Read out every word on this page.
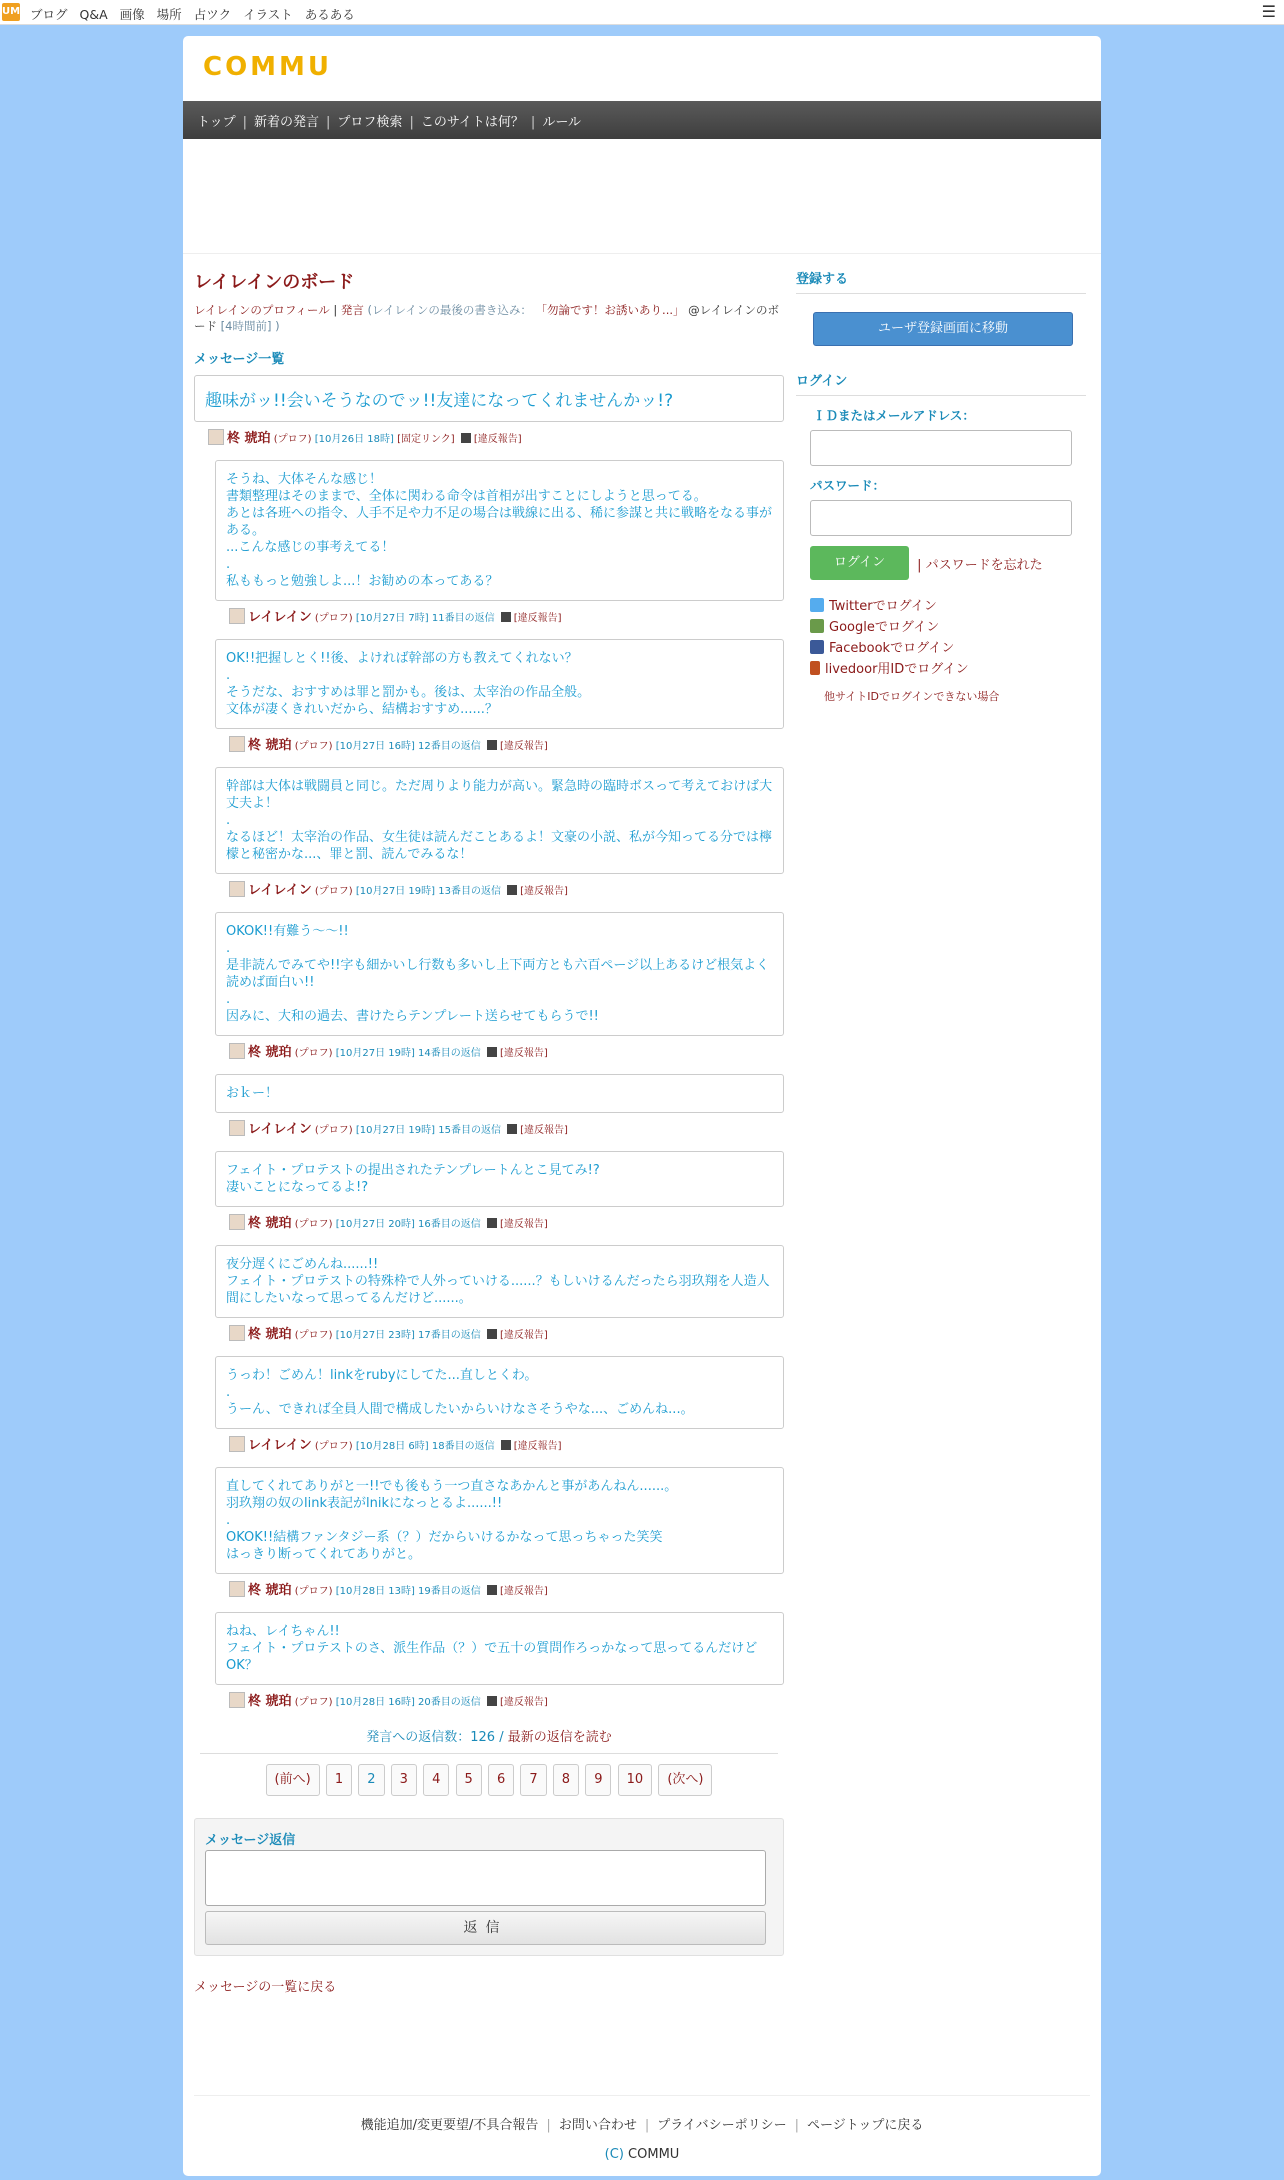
UM ブログ Q&A 画像 場所 占ツク イラスト あるある	☰
COMMU
トップ | 新着の発言 | プロフ検索 | このサイトは何？ | ルール
レイレインのボード
レイレインのプロフィール | 発言 (レイレインの最後の書き込み： 「勿論です！お誘いあり...」 @レイレインのボード [4時間前] )
メッセージ一覧
趣味がッ!!会いそうなのでッ!!友達になってくれませんかッ!?
柊 琥珀 (プロフ) [10月26日 18時] [固定リンク] [違反報告]
そうね、大体そんな感じ！
書類整理はそのままで、全体に関わる命令は首相が出すことにしようと思ってる。
あとは各班への指令、人手不足や力不足の場合は戦線に出る、稀に参謀と共に戦略をなる事がある。
...こんな感じの事考えてる！
.
私ももっと勉強しよ...！お勧めの本ってある？
レイレイン (プロフ) [10月27日 7時] 11番目の返信 [違反報告]
OK!!把握しとく!!後、よければ幹部の方も教えてくれない？
.
そうだな、おすすめは罪と罰かも。後は、太宰治の作品全般。
文体が凄くきれいだから、結構おすすめ......？
柊 琥珀 (プロフ) [10月27日 16時] 12番目の返信 [違反報告]
幹部は大体は戦闘員と同じ。ただ周りより能力が高い。緊急時の臨時ボスって考えておけば大丈夫よ！
.
なるほど！太宰治の作品、女生徒は読んだことあるよ！文豪の小説、私が今知ってる分では檸檬と秘密かな...、罪と罰、読んでみるな！
レイレイン (プロフ) [10月27日 19時] 13番目の返信 [違反報告]
OKOK!!有難う～～!!
.
是非読んでみてや!!字も細かいし行数も多いし上下両方とも六百ページ以上あるけど根気よく読めば面白い!!
.
因みに、大和の過去、書けたらテンプレート送らせてもらうで!!
柊 琥珀 (プロフ) [10月27日 19時] 14番目の返信 [違反報告]
おｋー！
レイレイン (プロフ) [10月27日 19時] 15番目の返信 [違反報告]
フェイト・プロテストの提出されたテンプレートんとこ見てみ!?
凄いことになってるよ!?
柊 琥珀 (プロフ) [10月27日 20時] 16番目の返信 [違反報告]
夜分遅くにごめんね......!!
フェイト・プロテストの特殊枠で人外っていける......？もしいけるんだったら羽玖翔を人造人間にしたいなって思ってるんだけど......。
柊 琥珀 (プロフ) [10月27日 23時] 17番目の返信 [違反報告]
うっわ！ごめん！linkをrubyにしてた...直しとくわ。
.
うーん、できれば全員人間で構成したいからいけなさそうやな...、ごめんね...。
レイレイン (プロフ) [10月28日 6時] 18番目の返信 [違反報告]
直してくれてありがと一!!でも後もう一つ直さなあかんと事があんねん......。
羽玖翔の奴のlink表記がlnikになっとるよ......!!
.
OKOK!!結構ファンタジー系（？）だからいけるかなって思っちゃった笑笑
はっきり断ってくれてありがと。
柊 琥珀 (プロフ) [10月28日 13時] 19番目の返信 [違反報告]
ねね、レイちゃん!!
フェイト・プロテストのさ、派生作品（？）で五十の質問作ろっかなって思ってるんだけどOK？
柊 琥珀 (プロフ) [10月28日 16時] 20番目の返信 [違反報告]
発言への返信数：126 / 最新の返信を読む
(前へ) 1 2 3 4 5 6 7 8 9 10 (次へ)
メッセージ返信
返信
メッセージの一覧に戻る
登録する
ユーザ登録画面に移動
ログイン
ＩＤまたはメールアドレス：
パスワード：
ログイン | パスワードを忘れた
Twitterでログイン
Googleでログイン
Facebookでログイン
livedoor用IDでログイン
他サイトIDでログインできない場合
機能追加/変更要望/不具合報告 | お問い合わせ | プライバシーポリシー | ページトップに戻る
(C) COMMU
